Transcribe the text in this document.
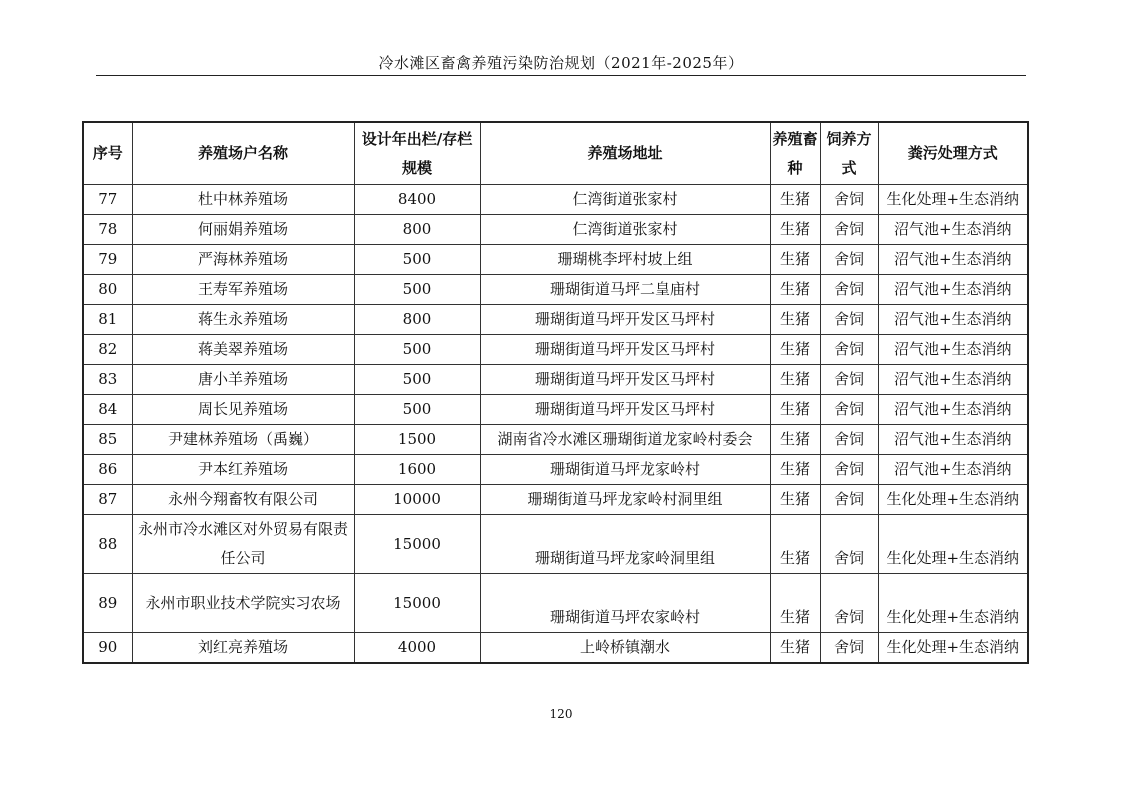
冷水滩区畜禽养殖污染防治规划（2021年-2025年）
序号	养殖场户名称	设计年出栏/存栏规模	养殖场地址	养殖畜种	饲养方式	粪污处理方式
77	杜中林养殖场	8400	仁湾街道张家村	生猪	舍饲	生化处理+生态消纳
78	何丽娟养殖场	800	仁湾街道张家村	生猪	舍饲	沼气池+生态消纳
79	严海林养殖场	500	珊瑚桃李坪村坡上组	生猪	舍饲	沼气池+生态消纳
80	王寿军养殖场	500	珊瑚街道马坪二皇庙村	生猪	舍饲	沼气池+生态消纳
81	蒋生永养殖场	800	珊瑚街道马坪开发区马坪村	生猪	舍饲	沼气池+生态消纳
82	蒋美翠养殖场	500	珊瑚街道马坪开发区马坪村	生猪	舍饲	沼气池+生态消纳
83	唐小羊养殖场	500	珊瑚街道马坪开发区马坪村	生猪	舍饲	沼气池+生态消纳
84	周长见养殖场	500	珊瑚街道马坪开发区马坪村	生猪	舍饲	沼气池+生态消纳
85	尹建林养殖场（禹巍）	1500	湖南省冷水滩区珊瑚街道龙家岭村委会	生猪	舍饲	沼气池+生态消纳
86	尹本红养殖场	1600	珊瑚街道马坪龙家岭村	生猪	舍饲	沼气池+生态消纳
87	永州今翔畜牧有限公司	10000	珊瑚街道马坪龙家岭村洞里组	生猪	舍饲	生化处理+生态消纳
88	永州市冷水滩区对外贸易有限责任公司	15000	珊瑚街道马坪龙家岭洞里组	生猪	舍饲	生化处理+生态消纳
89	永州市职业技术学院实习农场	15000	珊瑚街道马坪农家岭村	生猪	舍饲	生化处理+生态消纳
90	刘红亮养殖场	4000	上岭桥镇潮水	生猪	舍饲	生化处理+生态消纳
120
